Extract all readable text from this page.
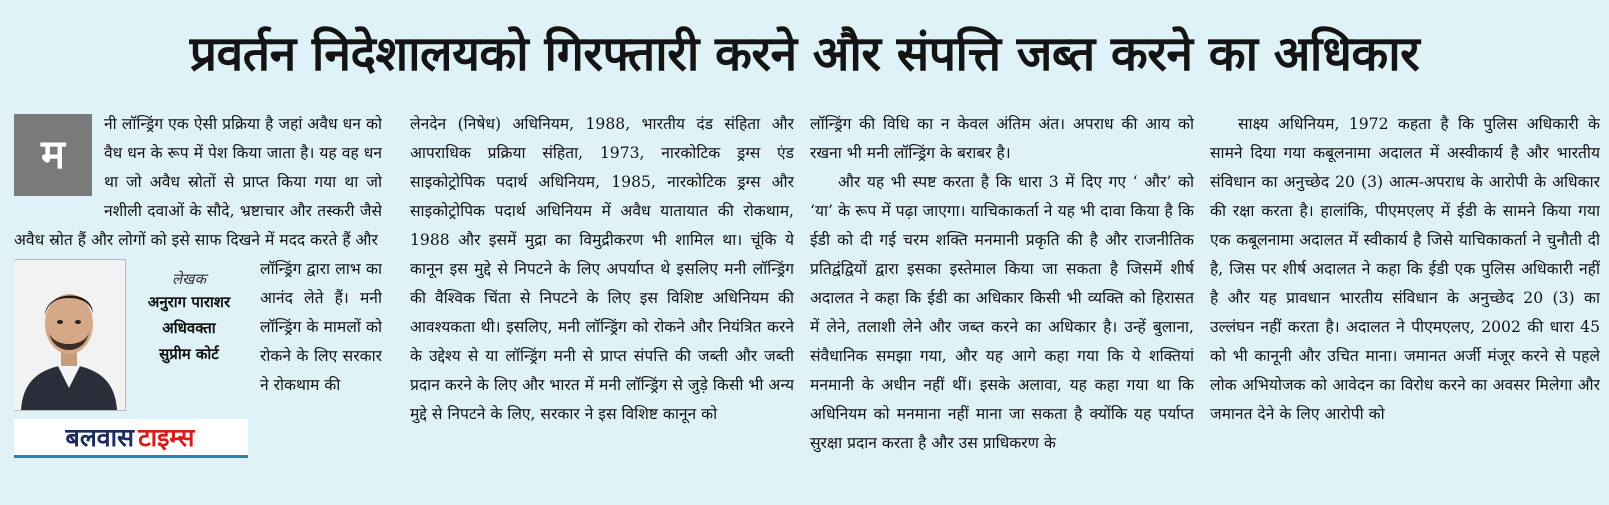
प्रवर्तन निदेशालयको गिरफ्तारी करने और संपत्ति जब्त करने का अधिकार
म

नी लॉन्ड्रिंग एक ऐसी प्रक्रिया है जहां अवैध धन को वैध धन के रूप में पेश किया जाता है। यह वह धन था जो अवैध स्रोतों से प्राप्त किया गया था जो नशीली दवाओं के सौदे, भ्रष्टाचार और तस्करी जैसे अवैध स्रोत हैं और लोगों को इसे साफ दिखने में मदद करते हैं और

लेखक
अनुराग पाराशर
अधिवक्ता
सुप्रीम कोर्ट
बलवास टाइम्स

लॉन्ड्रिंग द्वारा लाभ का आनंद लेते हैं। मनी लॉन्ड्रिंग के मामलों को रोकने के लिए सरकार ने रोकथाम की

लेनदेन (निषेध) अधिनियम, 1988, भारतीय दंड संहिता और आपराधिक प्रक्रिया संहिता, 1973, नारकोटिक ड्रग्स एंड साइकोट्रोपिक पदार्थ अधिनियम, 1985, नारकोटिक ड्रग्स और साइकोट्रोपिक पदार्थ अधिनियम में अवैध यातायात की रोकथाम, 1988 और इसमें मुद्रा का विमुद्रीकरण भी शामिल था। चूंकि ये कानून इस मुद्दे से निपटने के लिए अपर्याप्त थे इसलिए मनी लॉन्ड्रिंग की वैश्विक चिंता से निपटने के लिए इस विशिष्ट अधिनियम की आवश्यकता थी। इसलिए, मनी लॉन्ड्रिंग को रोकने और नियंत्रित करने के उद्देश्य से या लॉन्ड्रिंग मनी से प्राप्त संपत्ति की जब्ती और जब्ती प्रदान करने के लिए और भारत में मनी लॉन्ड्रिंग से जुड़े किसी भी अन्य मुद्दे से निपटने के लिए, सरकार ने इस विशिष्ट कानून को

लॉन्ड्रिंग की विधि का न केवल अंतिम अंत। अपराध की आय को रखना भी मनी लॉन्ड्रिंग के बराबर है।

और यह भी स्पष्ट करता है कि धारा 3 में दिए गए ‘ और’ को ‘या’ के रूप में पढ़ा जाएगा। याचिकाकर्ता ने यह भी दावा किया है कि ईडी को दी गई चरम शक्ति मनमानी प्रकृति की है और राजनीतिक प्रतिद्वंद्वियों द्वारा इसका इस्तेमाल किया जा सकता है जिसमें शीर्ष अदालत ने कहा कि ईडी का अधिकार किसी भी व्यक्ति को हिरासत में लेने, तलाशी लेने और जब्त करने का अधिकार है। उन्हें बुलाना, संवैधानिक समझा गया, और यह आगे कहा गया कि ये शक्तियां मनमानी के अधीन नहीं थीं। इसके अलावा, यह कहा गया था कि अधिनियम को मनमाना नहीं माना जा सकता है क्योंकि यह पर्याप्त सुरक्षा प्रदान करता है और उस प्राधिकरण के

साक्ष्य अधिनियम, 1972 कहता है कि पुलिस अधिकारी के सामने दिया गया कबूलनामा अदालत में अस्वीकार्य है और भारतीय संविधान का अनुच्छेद 20 (3) आत्म-अपराध के आरोपी के अधिकार की रक्षा करता है। हालांकि, पीएमएलए में ईडी के सामने किया गया एक कबूलनामा अदालत में स्वीकार्य है जिसे याचिकाकर्ता ने चुनौती दी है, जिस पर शीर्ष अदालत ने कहा कि ईडी एक पुलिस अधिकारी नहीं है और यह प्रावधान भारतीय संविधान के अनुच्छेद 20 (3) का उल्लंघन नहीं करता है। अदालत ने पीएमएलए, 2002 की धारा 45 को भी कानूनी और उचित माना। जमानत अर्जी मंजूर करने से पहले लोक अभियोजक को आवेदन का विरोध करने का अवसर मिलेगा और जमानत देने के लिए आरोपी को
